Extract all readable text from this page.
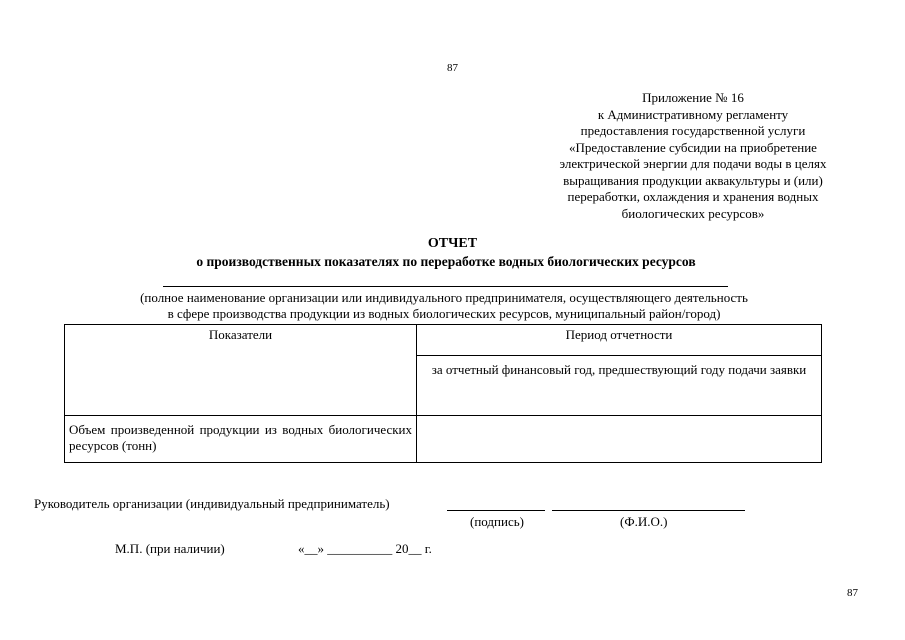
87
Приложение № 16
к Административному регламенту
предоставления государственной услуги
«Предоставление субсидии на приобретение
электрической энергии для подачи воды в целях
выращивания продукции аквакультуры и (или)
переработки, охлаждения и хранения водных
биологических ресурсов»
ОТЧЕТ
о производственных показателях по переработке водных биологических ресурсов
(полное наименование организации или индивидуального предпринимателя, осуществляющего деятельность
в сфере производства продукции из водных биологических ресурсов, муниципальный район/город)
Показатели	Период отчетности
	за отчетный финансовый год, предшествующий году подачи заявки
Объем произведенной продукции из водных биологических ресурсов (тонн)	
Руководитель организации (индивидуальный предприниматель)
(подпись)	(Ф.И.О.)
М.П. (при наличии)	«__» __________ 20__ г.
87
